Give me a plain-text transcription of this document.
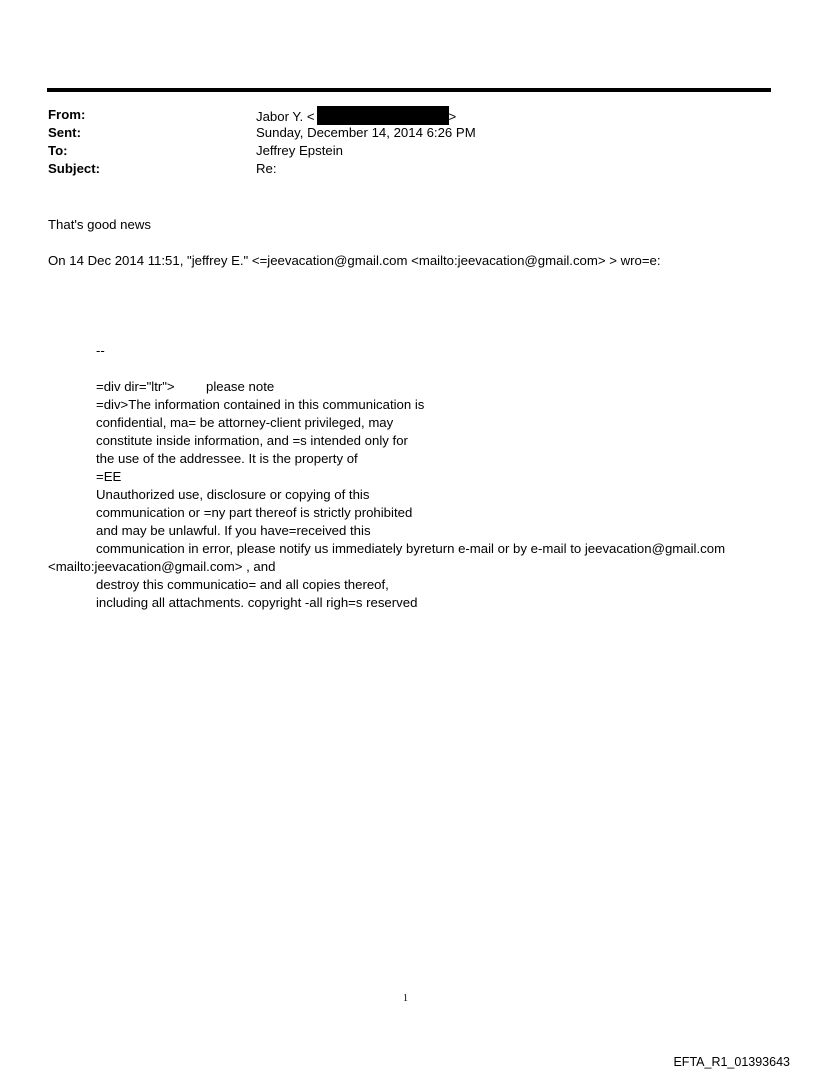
From:	Jabor Y. <	>
Sent:	Sunday, December 14, 2014 6:26 PM
To:	Jeffrey Epstein
Subject:	Re:
That's good news
On 14 Dec 2014 11:51, "jeffrey E." <=jeevacation@gmail.com <mailto:jeevacation@gmail.com> > wro=e:
--
=div dir="ltr"> please note
=div>The information contained in this communication is
confidential, ma= be attorney-client privileged, may
constitute inside information, and =s intended only for
the use of the addressee. It is the property of
=EE
Unauthorized use, disclosure or copying of this
communication or =ny part thereof is strictly prohibited
and may be unlawful. If you have=received this
communication in error, please notify us immediately byreturn e-mail or by e-mail to jeevacation@gmail.com
<mailto:jeevacation@gmail.com> , and
destroy this communicatio= and all copies thereof,
including all attachments. copyright -all righ=s reserved
1
EFTA_R1_01393643
